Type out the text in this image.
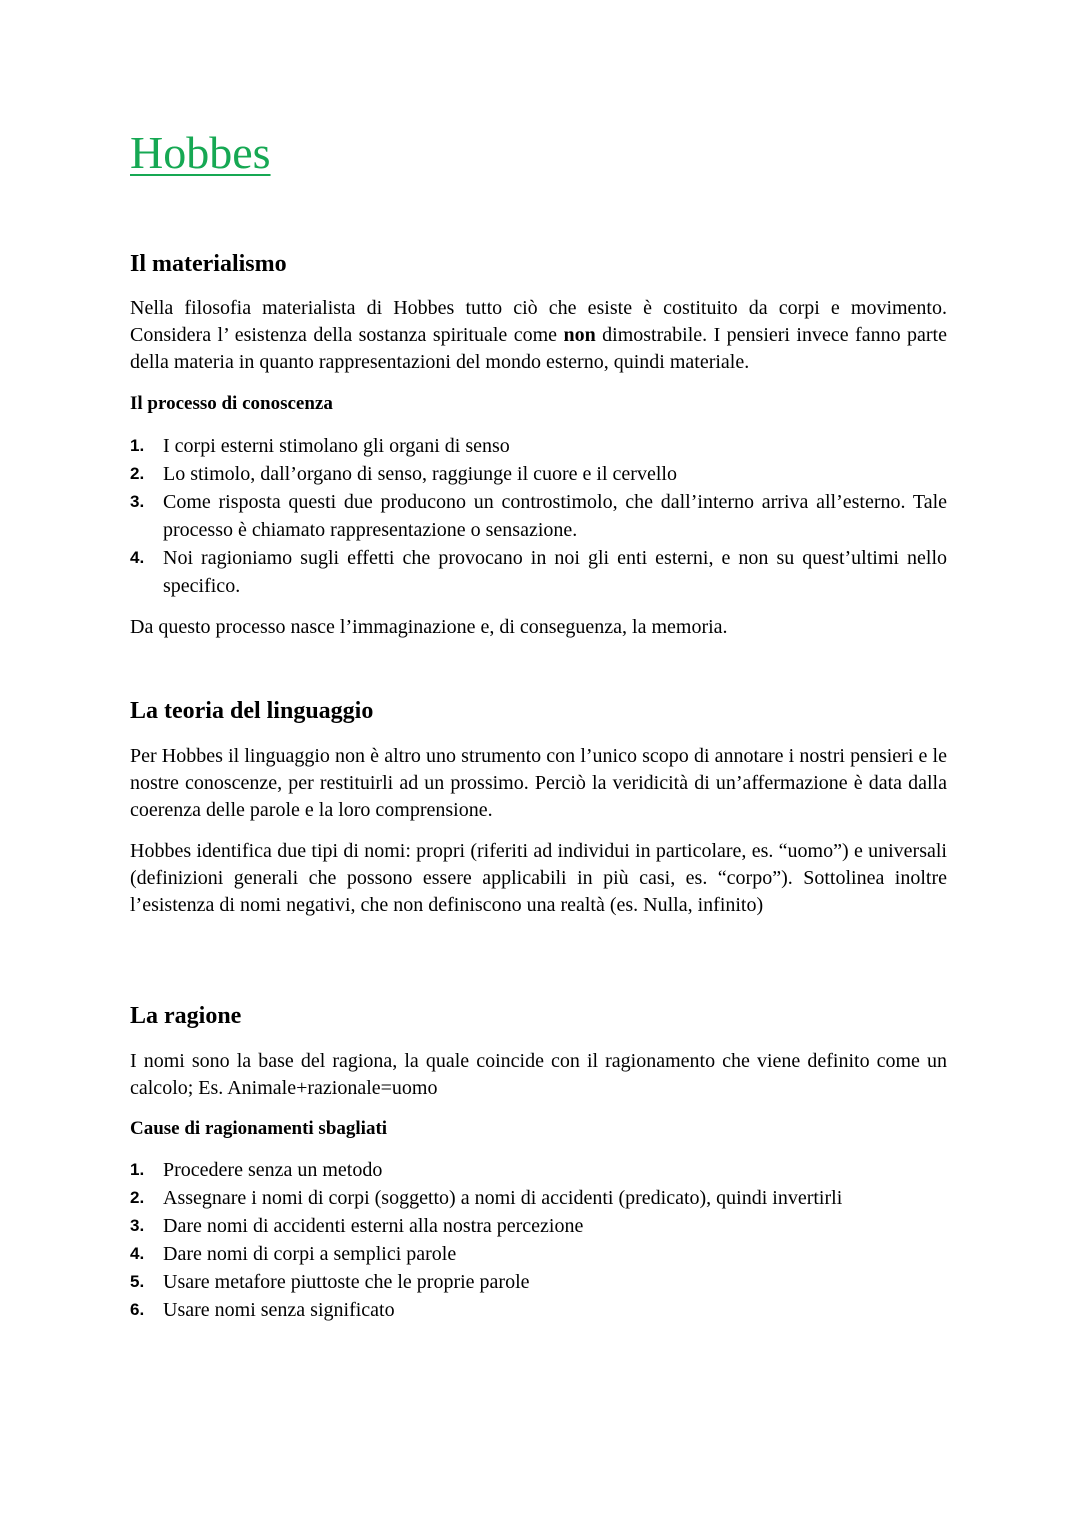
Hobbes
Il materialismo

Nella filosofia materialista di Hobbes tutto ciò che esiste è costituito da corpi e movimento. Considera l’ esistenza della sostanza spirituale come non dimostrabile. I pensieri invece fanno parte della materia in quanto rappresentazioni del mondo esterno, quindi materiale.

Il processo di conoscenza
1. I corpi esterni stimolano gli organi di senso
2. Lo stimolo, dall’organo di senso, raggiunge il cuore e il cervello
3. Come risposta questi due producono un controstimolo, che dall’interno arriva all’esterno. Tale processo è chiamato rappresentazione o sensazione.
4. Noi ragioniamo sugli effetti che provocano in noi gli enti esterni, e non su quest’ultimi nello specifico.

Da questo processo nasce l’immaginazione e, di conseguenza, la memoria.

La teoria del linguaggio

Per Hobbes il linguaggio non è altro uno strumento con l’unico scopo di annotare i nostri pensieri e le nostre conoscenze, per restituirli ad un prossimo. Perciò la veridicità di un’affermazione è data dalla coerenza delle parole e la loro comprensione.

Hobbes identifica due tipi di nomi: propri (riferiti ad individui in particolare, es. “uomo”) e universali (definizioni generali che possono essere applicabili in più casi, es. “corpo”). Sottolinea inoltre l’esistenza di nomi negativi, che non definiscono una realtà (es. Nulla, infinito)

La ragione

I nomi sono la base del ragiona, la quale coincide con il ragionamento che viene definito come un calcolo; Es. Animale+razionale=uomo

Cause di ragionamenti sbagliati
1. Procedere senza un metodo
2. Assegnare i nomi di corpi (soggetto) a nomi di accidenti (predicato), quindi invertirli
3. Dare nomi di accidenti esterni alla nostra percezione
4. Dare nomi di corpi a semplici parole
5. Usare metafore piuttoste che le proprie parole
6. Usare nomi senza significato
